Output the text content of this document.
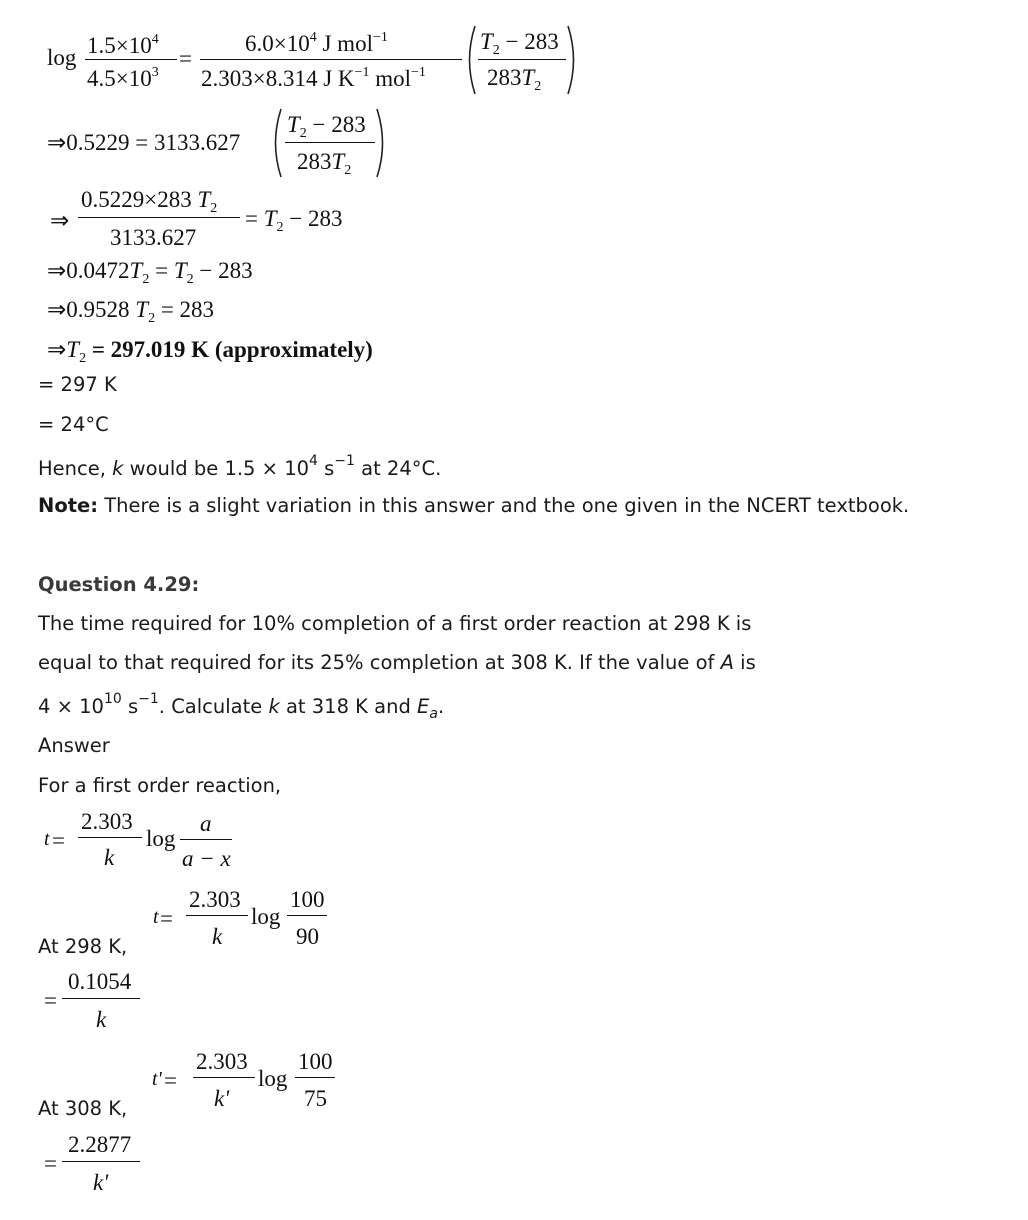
$\log 1.5\times 10^4$
$4.5\times 10^3$
=
$6.0\times 10^4$ J mol$^{-1}$
2.303×8.314 J $K^{-1}$ mol$^{-1}$
$T_2 - 283$
$283T_2$
⇒0.5229 = 3133.627
$T_2 - 283$
$283T_2$
⇒
0.5229×283 $T_2$
3133.627
= $T_2 - 283$
$\Rightarrow 0.0472T_2 = T_2 - 283$
⇒0.9528 $T_2 = 283$
$\Rightarrow T_2 = 297.019$ K (approximately)
= 297 K
= 24°C
Hence, k would be $1.5 \times 10^4$ $s^{-1}$ at 24°C.
Note: There is a slight variation in this answer and the one given in the NCERT textbook.
Question 4.29:
The time required for 10% completion of a first order reaction at 298 K is
equal to that required for its 25% completion at 308 K. If the value of A is
$4 \times 10^{10}$ $s^{-1}$. Calculate k at 318 K and $E_a$.
Answer
For a first order reaction,
t =
2.303
k
log
a
a − x
t =
2.303
k
log
100
90
At 298 K,
=
0.1054
k
t' =
2.303
k'
log
100
75
At 308 K,
=
2.2877
k'
